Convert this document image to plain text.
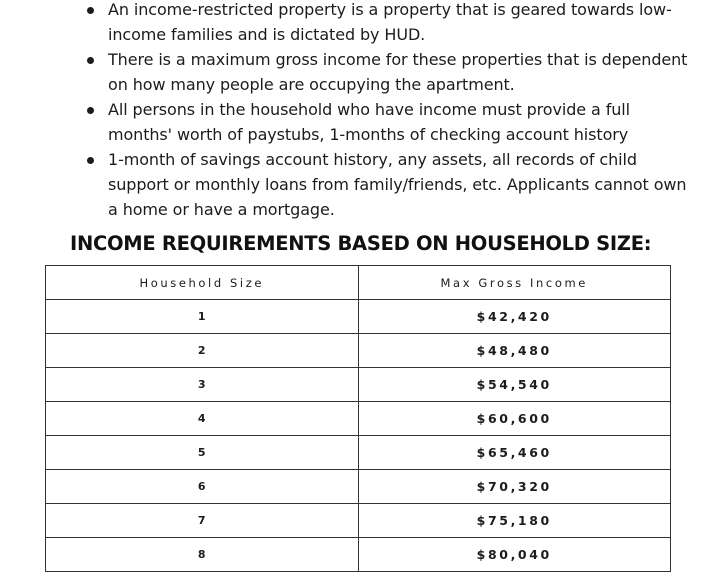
An income-restricted property is a property that is geared towards low-income families and is dictated by HUD.
There is a maximum gross income for these properties that is dependent on how many people are occupying the apartment.
All persons in the household who have income must provide a full months' worth of paystubs, 1-months of checking account history
1-month of savings account history, any assets, all records of child support or monthly loans from family/friends, etc. Applicants cannot own a home or have a mortgage.
INCOME REQUIREMENTS BASED ON HOUSEHOLD SIZE:
Household Size	Max Gross Income
1	$42,420
2	$48,480
3	$54,540
4	$60,600
5	$65,460
6	$70,320
7	$75,180
8	$80,040
